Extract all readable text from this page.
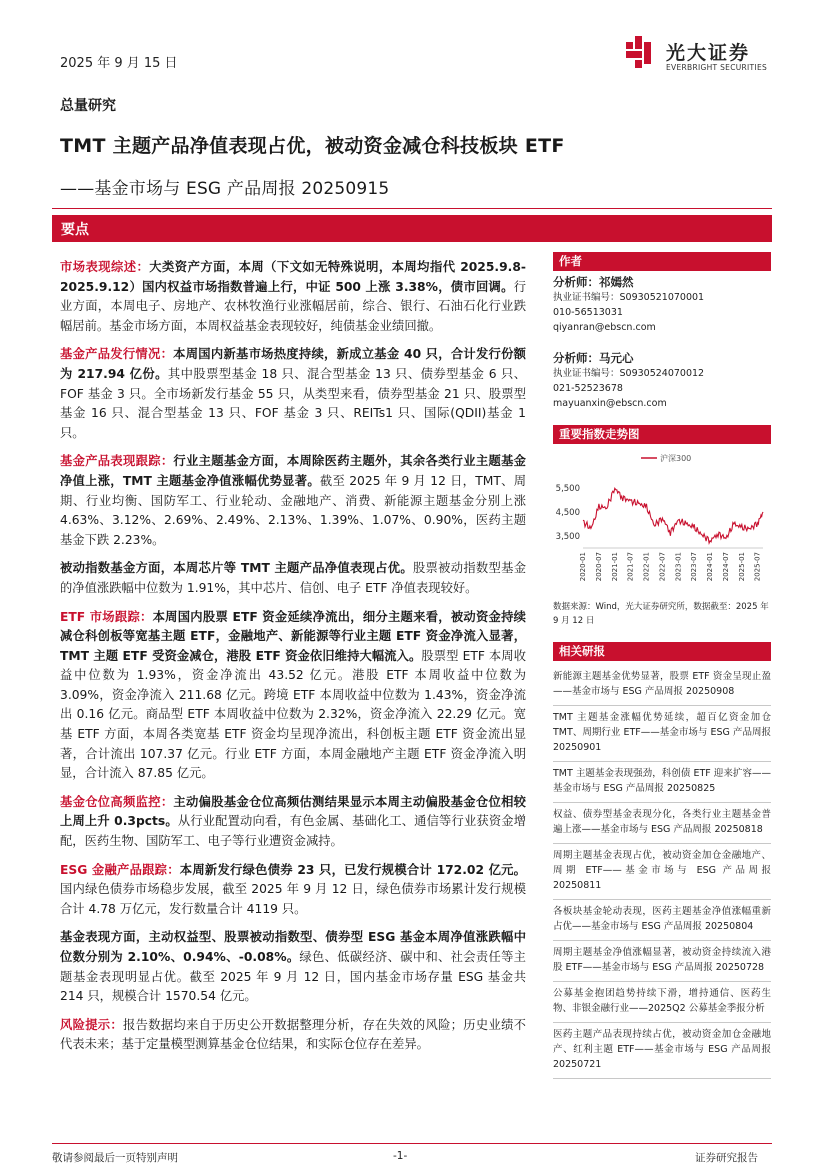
2025 年 9 月 15 日	光大证券
EVERBRIGHT SECURITIES
总量研究
TMT 主题产品净值表现占优，被动资金减仓科技板块 ETF
——基金市场与 ESG 产品周报 20250915
要点

市场表现综述：大类资产方面，本周（下文如无特殊说明，本周均指代 2025.9.8-2025.9.12）国内权益市场指数普遍上行，中证 500 上涨 3.38%，债市回调。行业方面，本周电子、房地产、农林牧渔行业涨幅居前，综合、银行、石油石化行业跌幅居前。基金市场方面，本周权益基金表现较好，纯债基金业绩回撤。

基金产品发行情况：本周国内新基市场热度持续，新成立基金 40 只，合计发行份额为 217.94 亿份。其中股票型基金 18 只、混合型基金 13 只、债券型基金 6 只、FOF 基金 3 只。全市场新发行基金 55 只，从类型来看，债券型基金 21 只、股票型基金 16 只、混合型基金 13 只、FOF 基金 3 只、REITs1 只、国际(QDII)基金 1 只。

基金产品表现跟踪：行业主题基金方面，本周除医药主题外，其余各类行业主题基金净值上涨，TMT 主题基金净值涨幅优势显著。截至 2025 年 9 月 12 日，TMT、周期、行业均衡、国防军工、行业轮动、金融地产、消费、新能源主题基金分别上涨 4.63%、3.12%、2.69%、2.49%、2.13%、1.39%、1.07%、0.90%，医药主题基金下跌 2.23%。

被动指数基金方面，本周芯片等 TMT 主题产品净值表现占优。股票被动指数型基金的净值涨跌幅中位数为 1.91%，其中芯片、信创、电子 ETF 净值表现较好。

ETF 市场跟踪：本周国内股票 ETF 资金延续净流出，细分主题来看，被动资金持续减仓科创板等宽基主题 ETF，金融地产、新能源等行业主题 ETF 资金净流入显著，TMT 主题 ETF 受资金减仓，港股 ETF 资金依旧维持大幅流入。股票型 ETF 本周收益中位数为 1.93%，资金净流出 43.52 亿元。港股 ETF 本周收益中位数为 3.09%，资金净流入 211.68 亿元。跨境 ETF 本周收益中位数为 1.43%，资金净流出 0.16 亿元。商品型 ETF 本周收益中位数为 2.32%，资金净流入 22.29 亿元。宽基 ETF 方面，本周各类宽基 ETF 资金均呈现净流出，科创板主题 ETF 资金流出显著，合计流出 107.37 亿元。行业 ETF 方面，本周金融地产主题 ETF 资金净流入明显，合计流入 87.85 亿元。

基金仓位高频监控：主动偏股基金仓位高频估测结果显示本周主动偏股基金仓位相较上周上升 0.3pcts。从行业配置动向看，有色金属、基础化工、通信等行业获资金增配，医药生物、国防军工、电子等行业遭资金减持。

ESG 金融产品跟踪：本周新发行绿色债券 23 只，已发行规模合计 172.02 亿元。国内绿色债券市场稳步发展，截至 2025 年 9 月 12 日，绿色债券市场累计发行规模合计 4.78 万亿元，发行数量合计 4119 只。

基金表现方面，主动权益型、股票被动指数型、债券型 ESG 基金本周净值涨跌幅中位数分别为 2.10%、0.94%、-0.08%。绿色、低碳经济、碳中和、社会责任等主题基金表现明显占优。截至 2025 年 9 月 12 日，国内基金市场存量 ESG 基金共 214 只，规模合计 1570.54 亿元。

风险提示：报告数据均来自于历史公开数据整理分析，存在失效的风险；历史业绩不代表未来；基于定量模型测算基金仓位结果，和实际仓位存在差异。

作者
分析师：祁嫣然
执业证书编号：S0930521070001
010-56513031
qiyanran@ebscn.com
分析师：马元心
执业证书编号：S0930524070012
021-52523678
mayuanxin@ebscn.com
重要指数走势图
3,500
4,500
5,500
2020-01 2020-07 2021-01 2021-07 2022-01 2022-07 2023-01 2023-07 2024-01 2024-07 2025-01 2025-07
沪深300
数据来源：Wind，光大证券研究所，数据截至：2025 年 9 月 12 日
相关研报
新能源主题基金优势显著，股票 ETF 资金呈现止盈——基金市场与 ESG 产品周报 20250908
TMT 主题基金涨幅优势延续，超百亿资金加仓 TMT、周期行业 ETF——基金市场与 ESG 产品周报 20250901
TMT 主题基金表现强劲，科创债 ETF 迎来扩容——基金市场与 ESG 产品周报 20250825
权益、债券型基金表现分化，各类行业主题基金普遍上涨——基金市场与 ESG 产品周报 20250818
周期主题基金表现占优，被动资金加仓金融地产、周期 ETF——基金市场与 ESG 产品周报 20250811
各板块基金轮动表现，医药主题基金净值涨幅重新占优——基金市场与 ESG 产品周报 20250804
周期主题基金净值涨幅显著，被动资金持续流入港股 ETF——基金市场与 ESG 产品周报 20250728
公募基金抱团趋势持续下滑，增持通信、医药生物、非银金融行业——2025Q2 公募基金季报分析
医药主题产品表现持续占优，被动资金加仓金融地产、红利主题 ETF——基金市场与 ESG 产品周报 20250721
敬请参阅最后一页特别声明	-1-	证券研究报告
